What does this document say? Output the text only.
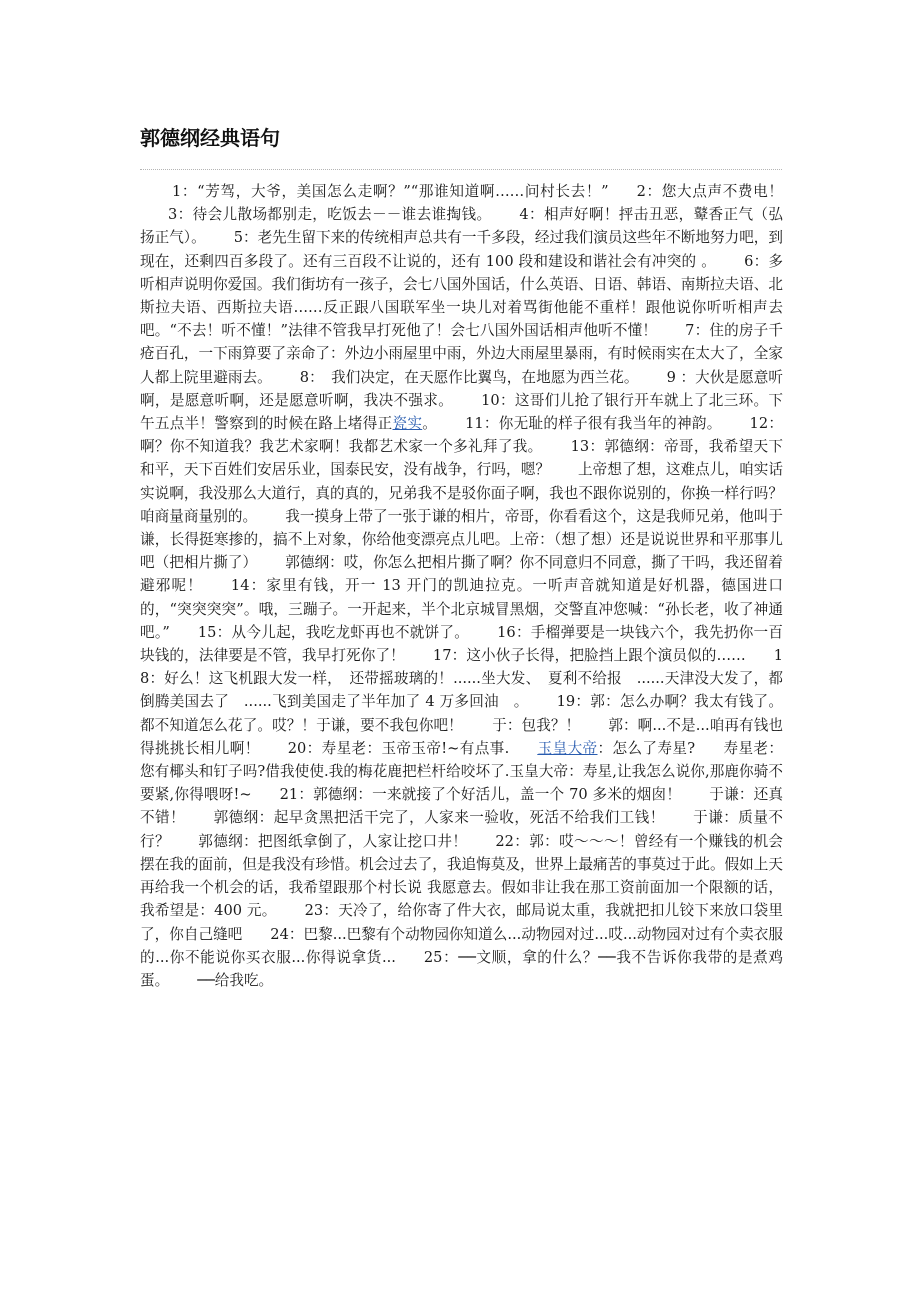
郭德纲经典语句

1：“芳驾，大爷，美国怎么走啊？”“那谁知道啊……问村长去！” 2：您大点声不费电！3：待会儿散场都别走，吃饭去－－谁去谁掏钱。 4：相声好啊！抨击丑恶，鼙香正气（弘扬正气）。 5：老先生留下来的传统相声总共有一千多段，经过我们演员这些年不断地努力吧，到现在，还剩四百多段了。还有三百段不让说的，还有 100 段和建设和谐社会有冲突的 。 6：多听相声说明你爱国。我们街坊有一孩子，会七八国外国话，什么英语、日语、韩语、南斯拉夫语、北斯拉夫语、西斯拉夫语……反正跟八国联军坐一块儿对着骂街他能不重样！跟他说你听听相声去吧。“不去！听不懂！”法律不管我早打死他了！会七八国外国话相声他听不懂！ 7：住的房子千疮百孔，一下雨算要了亲命了：外边小雨屋里中雨，外边大雨屋里暴雨，有时候雨实在太大了，全家人都上院里避雨去。 8：　我们决定，在天愿作比翼鸟，在地愿为西兰花。 9 ：大伙是愿意听啊，是愿意听啊，还是愿意听啊，我决不强求。 10：这哥们儿抢了银行开车就上了北三环。下午五点半！警察到的时候在路上堵得正瓷实。 11：你无耻的样子很有我当年的神韵。 12：啊？你不知道我？我艺术家啊！我都艺术家一个多礼拜了我。 13：郭德纲：帝哥，我希望天下和平，天下百姓们安居乐业，国泰民安，没有战争，行吗，嗯？ 上帝想了想，这难点儿，咱实话实说啊，我没那么大道行，真的真的，兄弟我不是驳你面子啊，我也不跟你说别的，你换一样行吗？咱商量商量别的。 我一摸身上带了一张于谦的相片，帝哥，你看看这个，这是我师兄弟，他叫于谦，长得挺寒掺的，搞不上对象，你给他变漂亮点儿吧。上帝：（想了想）还是说说世界和平那事儿吧（把相片撕了） 郭德纲：哎，你怎么把相片撕了啊？你不同意归不同意，撕了干吗，我还留着避邪呢！ 14：家里有钱，开一 13 开门的凯迪拉克。一听声音就知道是好机器，德国进口的，“突突突突”。哦，三蹦子。一开起来，半个北京城冒黑烟，交警直冲您喊：“孙长老，收了神通吧。” 15：从今儿起，我吃龙虾再也不就饼了。 16：手榴弹要是一块钱六个，我先扔你一百块钱的，法律要是不管，我早打死你了！ 17：这小伙子长得，把脸挡上跟个演员似的…… 18：好么！这飞机跟大发一样，　还带摇玻璃的！......坐大发、　夏利不给报　......天津没大发了，都倒腾美国去了　......飞到美国走了半年加了 4 万多回油　。 19：郭：怎么办啊？我太有钱了。都不知道怎么花了。哎？！于谦，要不我包你吧！　　于：包我？！ 郭：啊...不是...咱再有钱也得挑挑长相儿啊！ 20：寿星老：玉帝玉帝!~有点事. 玉皇大帝：怎么了寿星? 寿星老：您有椰头和钉子吗?借我使使.我的梅花鹿把栏杆给咬坏了.玉皇大帝：寿星,让我怎么说你,那鹿你骑不要紧,你得喂呀!~ 21：郭德纲：一来就接了个好活儿，盖一个 70 多米的烟囱！ 于谦：还真不错！ 郭德纲：起早贪黑把活干完了，人家来一验收，死活不给我们工钱！ 于谦：质量不行？ 郭德纲：把图纸拿倒了，人家让挖口井！ 22：郭：哎～～～！曾经有一个赚钱的机会摆在我的面前，但是我没有珍惜。机会过去了，我追悔莫及，世界上最痛苦的事莫过于此。假如上天再给我一个机会的话，我希望跟那个村长说 我愿意去。假如非让我在那工资前面加一个限额的话，我希望是：400 元。 23：天冷了，给你寄了件大衣，邮局说太重，我就把扣儿铰下来放口袋里了，你自己缝吧 24：巴黎...巴黎有个动物园你知道么...动物园对过...哎...动物园对过有个卖衣服的...你不能说你买衣服...你得说拿货... 25：──文顺，拿的什么？──我不告诉你我带的是煮鸡蛋。 ──给我吃。
